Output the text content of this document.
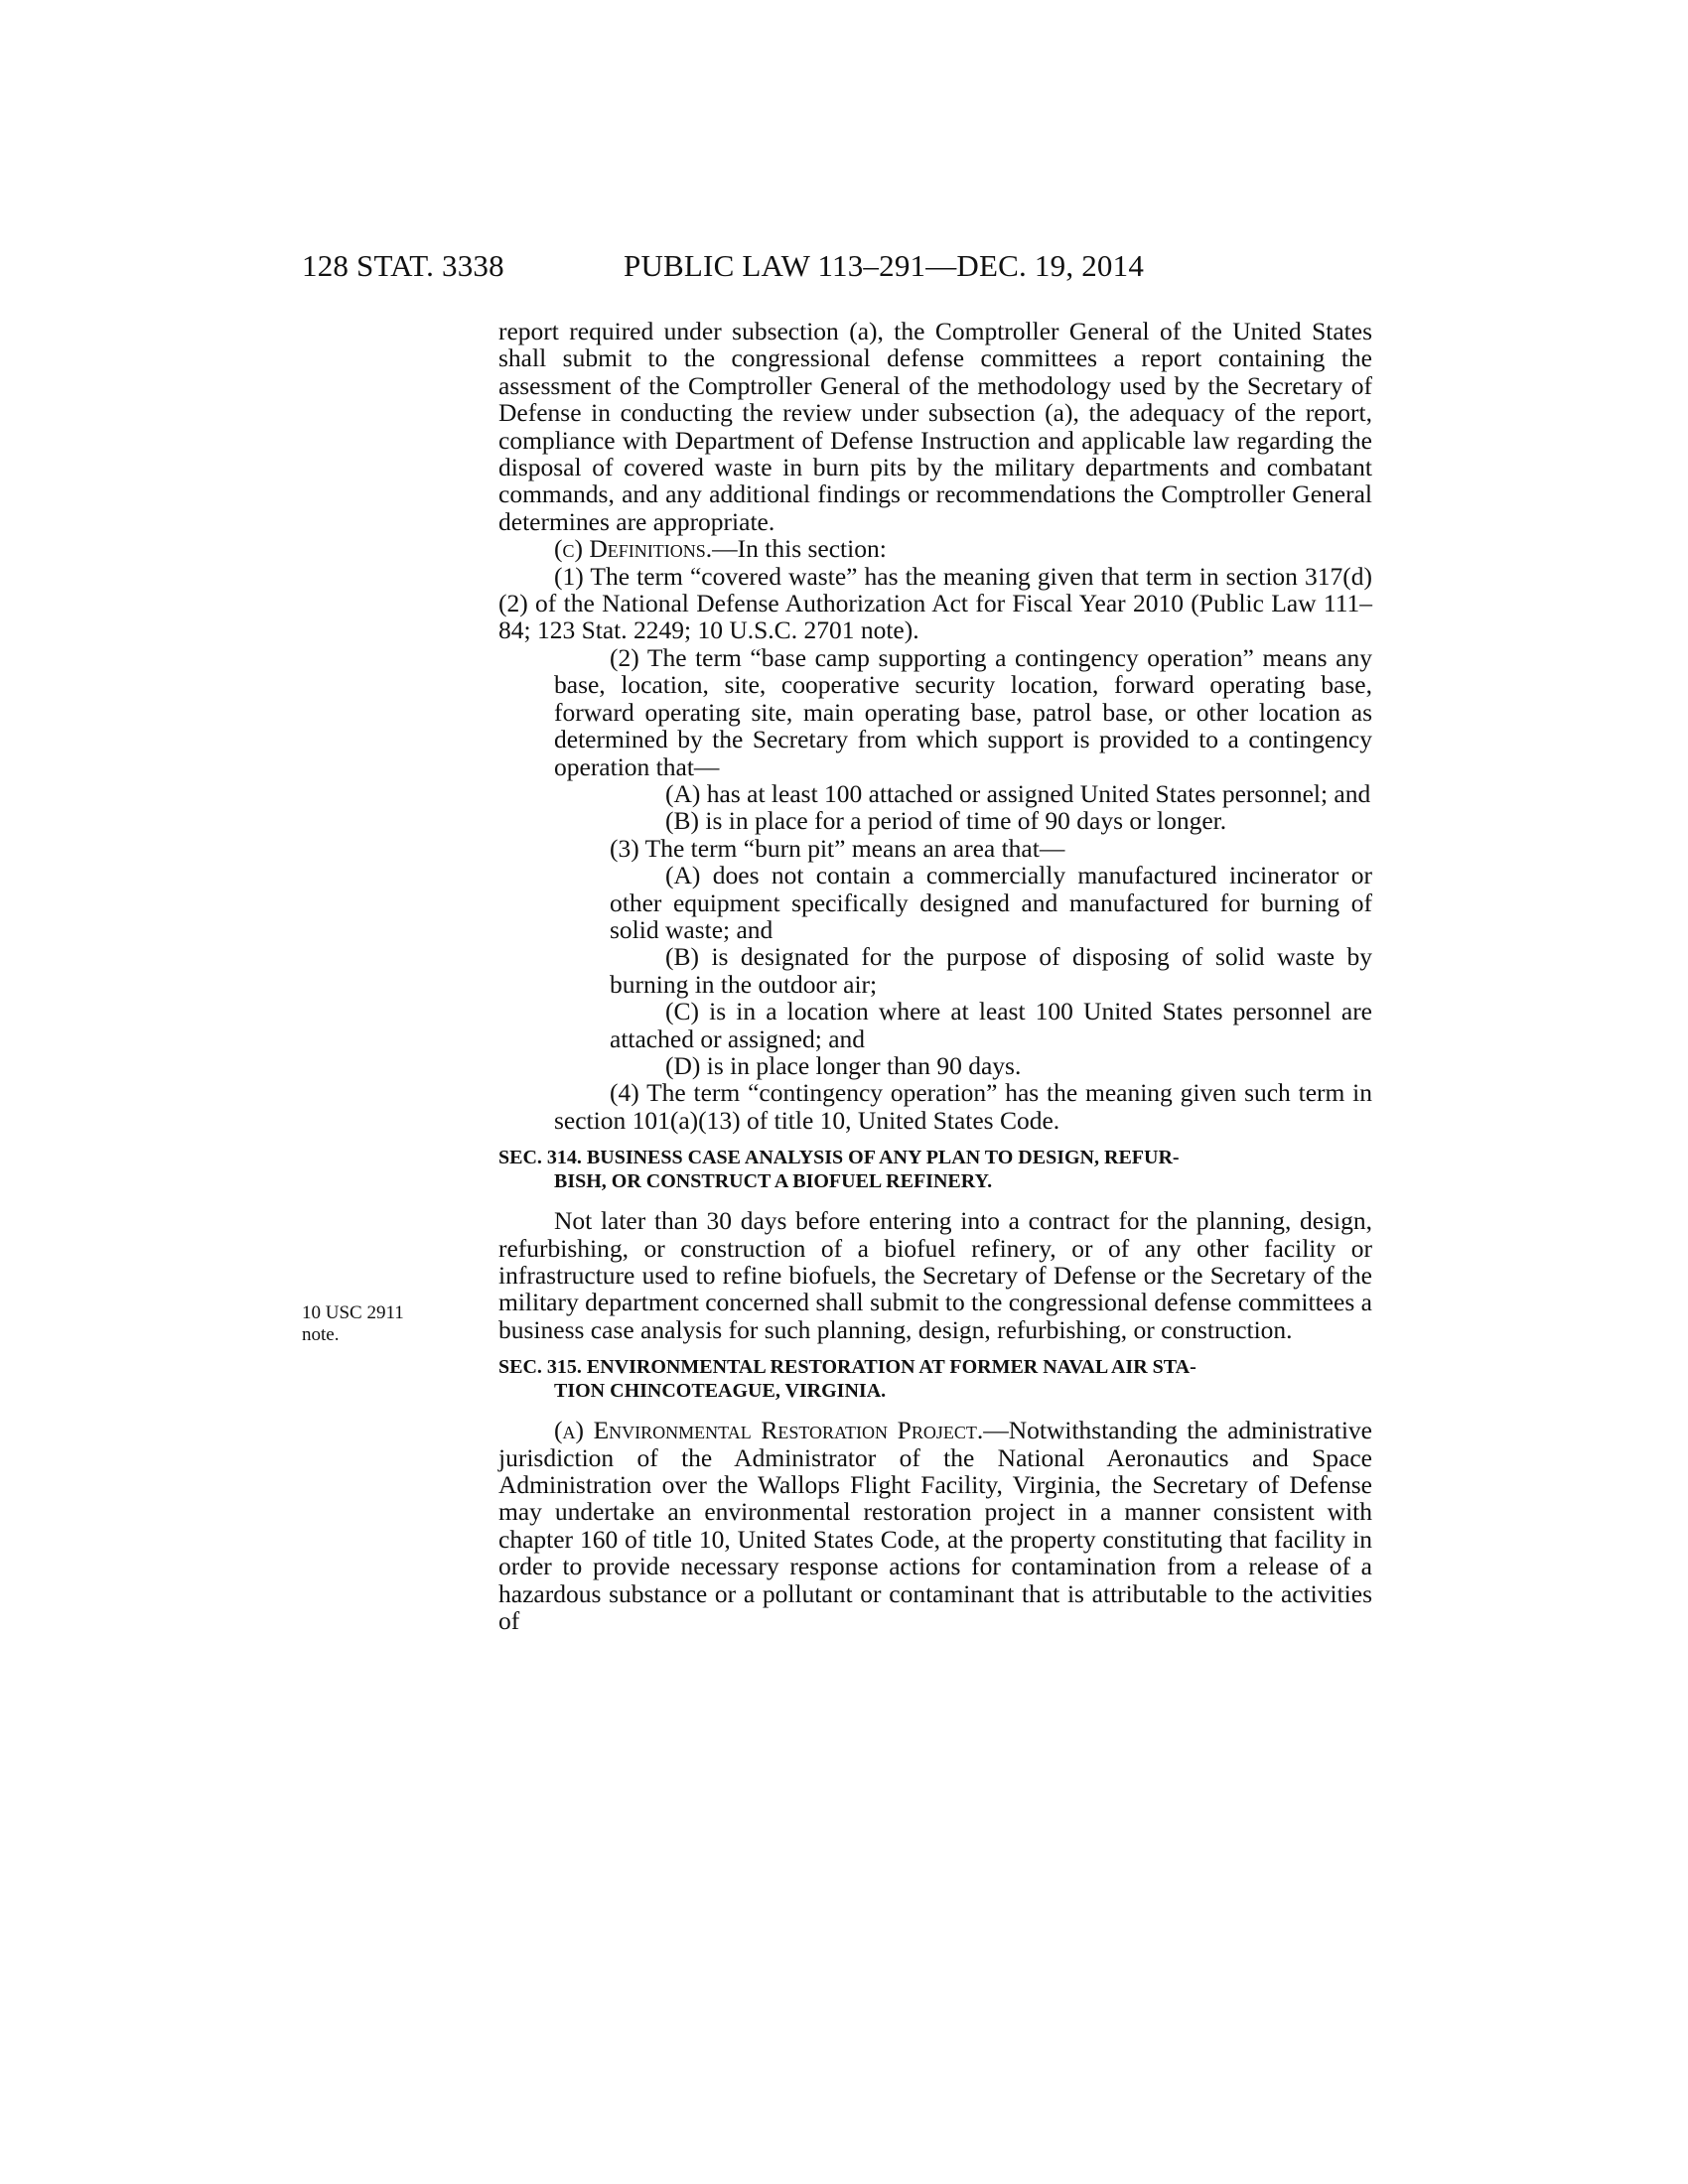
128 STAT. 3338	PUBLIC LAW 113–291—DEC. 19, 2014
10 USC 2911 note.

report required under subsection (a), the Comptroller General of the United States shall submit to the congressional defense committees a report containing the assessment of the Comptroller General of the methodology used by the Secretary of Defense in conducting the review under subsection (a), the adequacy of the report, compliance with Department of Defense Instruction and applicable law regarding the disposal of covered waste in burn pits by the military departments and combatant commands, and any additional findings or recommendations the Comptroller General determines are appropriate.

(c) Definitions.—In this section:

(1) The term “covered waste” has the meaning given that term in section 317(d)(2) of the National Defense Authorization Act for Fiscal Year 2010 (Public Law 111–84; 123 Stat. 2249; 10 U.S.C. 2701 note).

(2) The term “base camp supporting a contingency operation” means any base, location, site, cooperative security location, forward operating base, forward operating site, main operating base, patrol base, or other location as determined by the Secretary from which support is provided to a contingency operation that—

(A) has at least 100 attached or assigned United States personnel; and

(B) is in place for a period of time of 90 days or longer.

(3) The term “burn pit” means an area that—

(A) does not contain a commercially manufactured incinerator or other equipment specifically designed and manufactured for burning of solid waste; and

(B) is designated for the purpose of disposing of solid waste by burning in the outdoor air;

(C) is in a location where at least 100 United States personnel are attached or assigned; and

(D) is in place longer than 90 days.

(4) The term “contingency operation” has the meaning given such term in section 101(a)(13) of title 10, United States Code.

SEC. 314. BUSINESS CASE ANALYSIS OF ANY PLAN TO DESIGN, REFUR-
BISH, OR CONSTRUCT A BIOFUEL REFINERY.

Not later than 30 days before entering into a contract for the planning, design, refurbishing, or construction of a biofuel refinery, or of any other facility or infrastructure used to refine biofuels, the Secretary of Defense or the Secretary of the military department concerned shall submit to the congressional defense committees a business case analysis for such planning, design, refurbishing, or construction.

SEC. 315. ENVIRONMENTAL RESTORATION AT FORMER NAVAL AIR STA-
TION CHINCOTEAGUE, VIRGINIA.

(a) Environmental Restoration Project.—Notwithstanding the administrative jurisdiction of the Administrator of the National Aeronautics and Space Administration over the Wallops Flight Facility, Virginia, the Secretary of Defense may undertake an environmental restoration project in a manner consistent with chapter 160 of title 10, United States Code, at the property constituting that facility in order to provide necessary response actions for contamination from a release of a hazardous substance or a pollutant or contaminant that is attributable to the activities of
